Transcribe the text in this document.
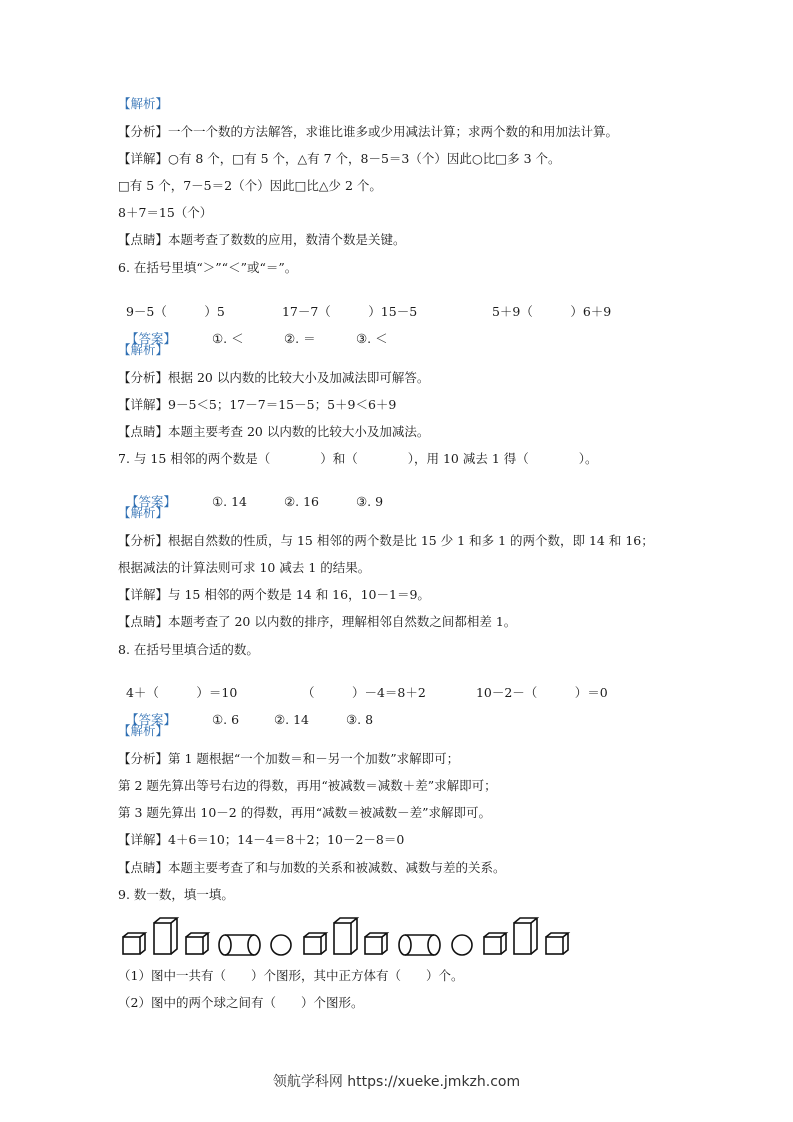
【解析】
【分析】一个一个数的方法解答，求谁比谁多或少用减法计算；求两个数的和用加法计算。
【详解】○有 8 个，□有 5 个，△有 7 个，8－5＝3（个）因此○比□多 3 个。
□有 5 个，7－5＝2（个）因此□比△少 2 个。
8＋7＝15（个）
【点睛】本题考查了数数的应用，数清个数是关键。
6. 在括号里填“＞”“＜”或“＝”。

9－5（　　　）5	17－7（　　　）15－5	5＋9（　　　）6＋9

【答案】	①. ＜	②. ＝	③. ＜

【解析】
【分析】根据 20 以内数的比较大小及加减法即可解答。
【详解】9－5＜5；17－7＝15－5；5＋9＜6＋9
【点睛】本题主要考查 20 以内数的比较大小及加减法。
7. 与 15 相邻的两个数是（　　　　）和（　　　　），用 10 减去 1 得（　　　　）。

【答案】	①. 14	②. 16	③. 9

【解析】
【分析】根据自然数的性质，与 15 相邻的两个数是比 15 少 1 和多 1 的两个数，即 14 和 16；
根据减法的计算法则可求 10 减去 1 的结果。
【详解】与 15 相邻的两个数是 14 和 16，10－1＝9。
【点睛】本题考查了 20 以内数的排序，理解相邻自然数之间都相差 1。
8. 在括号里填合适的数。

4＋（　　　）＝10	（　　　）－4＝8＋2	10－2－（　　　）＝0

【答案】	①. 6	②. 14	③. 8

【解析】
【分析】第 1 题根据“一个加数＝和－另一个加数”求解即可；
第 2 题先算出等号右边的得数，再用“被减数＝减数＋差”求解即可；
第 3 题先算出 10－2 的得数，再用“减数＝被减数－差”求解即可。
【详解】4＋6＝10；14－4＝8＋2；10－2－8＝0
【点睛】本题主要考查了和与加数的关系和被减数、减数与差的关系。
9. 数一数，填一填。
（1）图中一共有（　　）个图形，其中正方体有（　　）个。
（2）图中的两个球之间有（　　）个图形。
领航学科网 https://xueke.jmkzh.com
